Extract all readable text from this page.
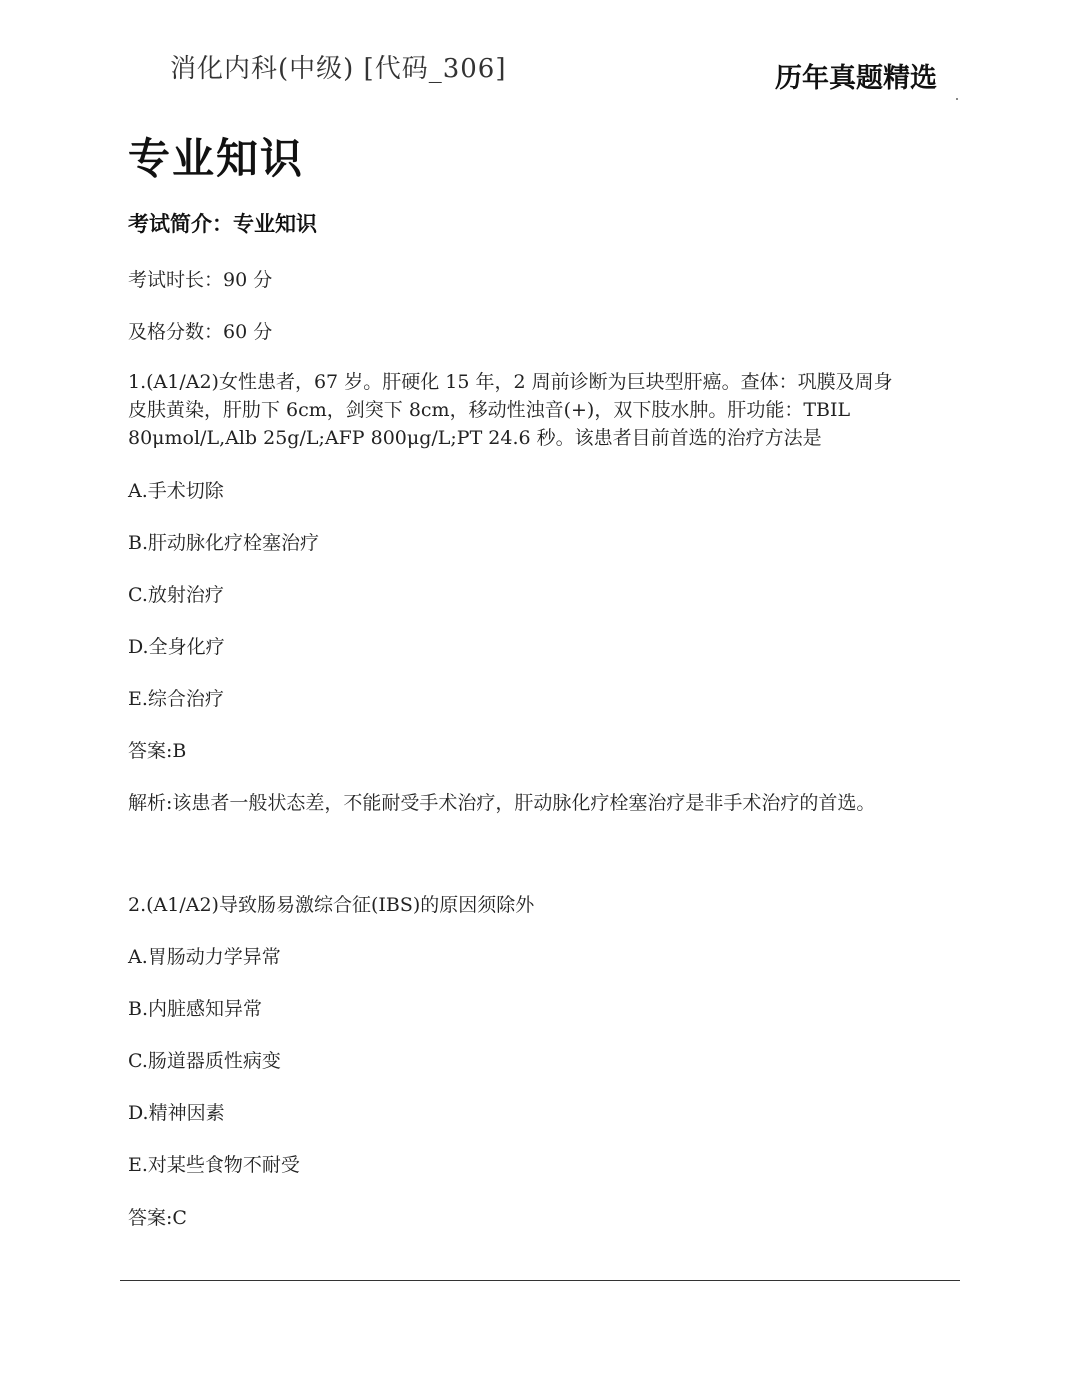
消化内科(中级) [代码_306]	历年真题精选
专业知识
考试简介：专业知识
考试时长：90 分
及格分数：60 分
1.(A1/A2)女性患者，67 岁。肝硬化 15 年，2 周前诊断为巨块型肝癌。查体：巩膜及周身
皮肤黄染，肝肋下 6cm，剑突下 8cm，移动性浊音(+)，双下肢水肿。肝功能：TBIL
80μmol/L,Alb 25g/L;AFP 800μg/L;PT 24.6 秒。该患者目前首选的治疗方法是
A.手术切除
B.肝动脉化疗栓塞治疗
C.放射治疗
D.全身化疗
E.综合治疗
答案:B
解析:该患者一般状态差，不能耐受手术治疗，肝动脉化疗栓塞治疗是非手术治疗的首选。
2.(A1/A2)导致肠易激综合征(IBS)的原因须除外
A.胃肠动力学异常
B.内脏感知异常
C.肠道器质性病变
D.精神因素
E.对某些食物不耐受
答案:C
